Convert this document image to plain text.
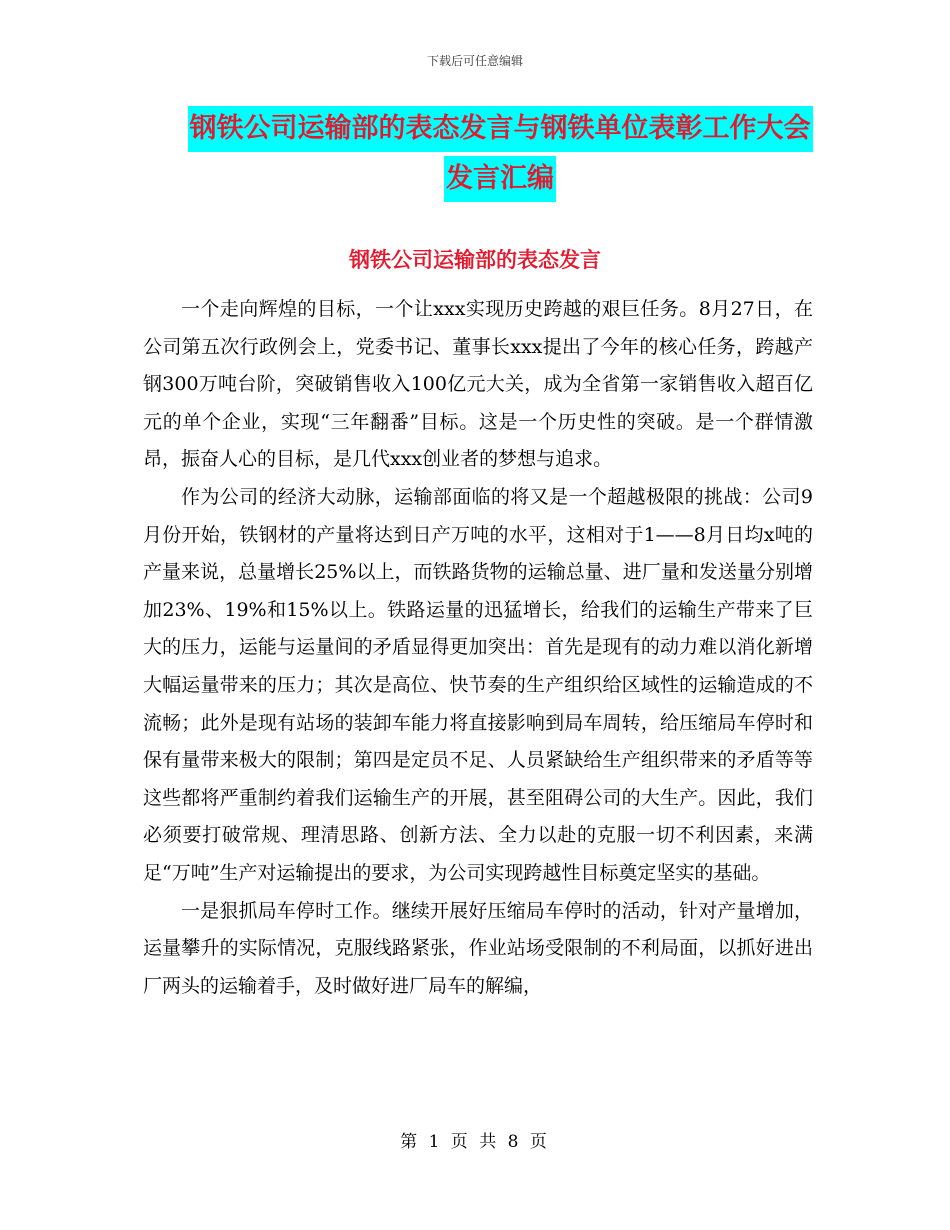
下载后可任意编辑
钢铁公司运输部的表态发言与钢铁单位表彰工作大会
发言汇编
钢铁公司运输部的表态发言

一个走向辉煌的目标，一个让xxx实现历史跨越的艰巨任务。8月27日，在公司第五次行政例会上，党委书记、董事长xxx提出了今年的核心任务，跨越产钢300万吨台阶，突破销售收入100亿元大关，成为全省第一家销售收入超百亿元的单个企业，实现“三年翻番”目标。这是一个历史性的突破。是一个群情激昂，振奋人心的目标，是几代xxx创业者的梦想与追求。

作为公司的经济大动脉，运输部面临的将又是一个超越极限的挑战：公司9月份开始，铁钢材的产量将达到日产万吨的水平，这相对于1——8月日均x吨的产量来说，总量增长25%以上，而铁路货物的运输总量、进厂量和发送量分别增加23%、19%和15%以上。铁路运量的迅猛增长，给我们的运输生产带来了巨大的压力，运能与运量间的矛盾显得更加突出：首先是现有的动力难以消化新增大幅运量带来的压力；其次是高位、快节奏的生产组织给区域性的运输造成的不流畅；此外是现有站场的装卸车能力将直接影响到局车周转，给压缩局车停时和保有量带来极大的限制；第四是定员不足、人员紧缺给生产组织带来的矛盾等等这些都将严重制约着我们运输生产的开展，甚至阻碍公司的大生产。因此，我们必须要打破常规、理清思路、创新方法、全力以赴的克服一切不利因素，来满足“万吨”生产对运输提出的要求，为公司实现跨越性目标奠定坚实的基础。

一是狠抓局车停时工作。继续开展好压缩局车停时的活动，针对产量增加，运量攀升的实际情况，克服线路紧张，作业站场受限制的不利局面，以抓好进出厂两头的运输着手，及时做好进厂局车的解编，

第 1 页 共 8 页
